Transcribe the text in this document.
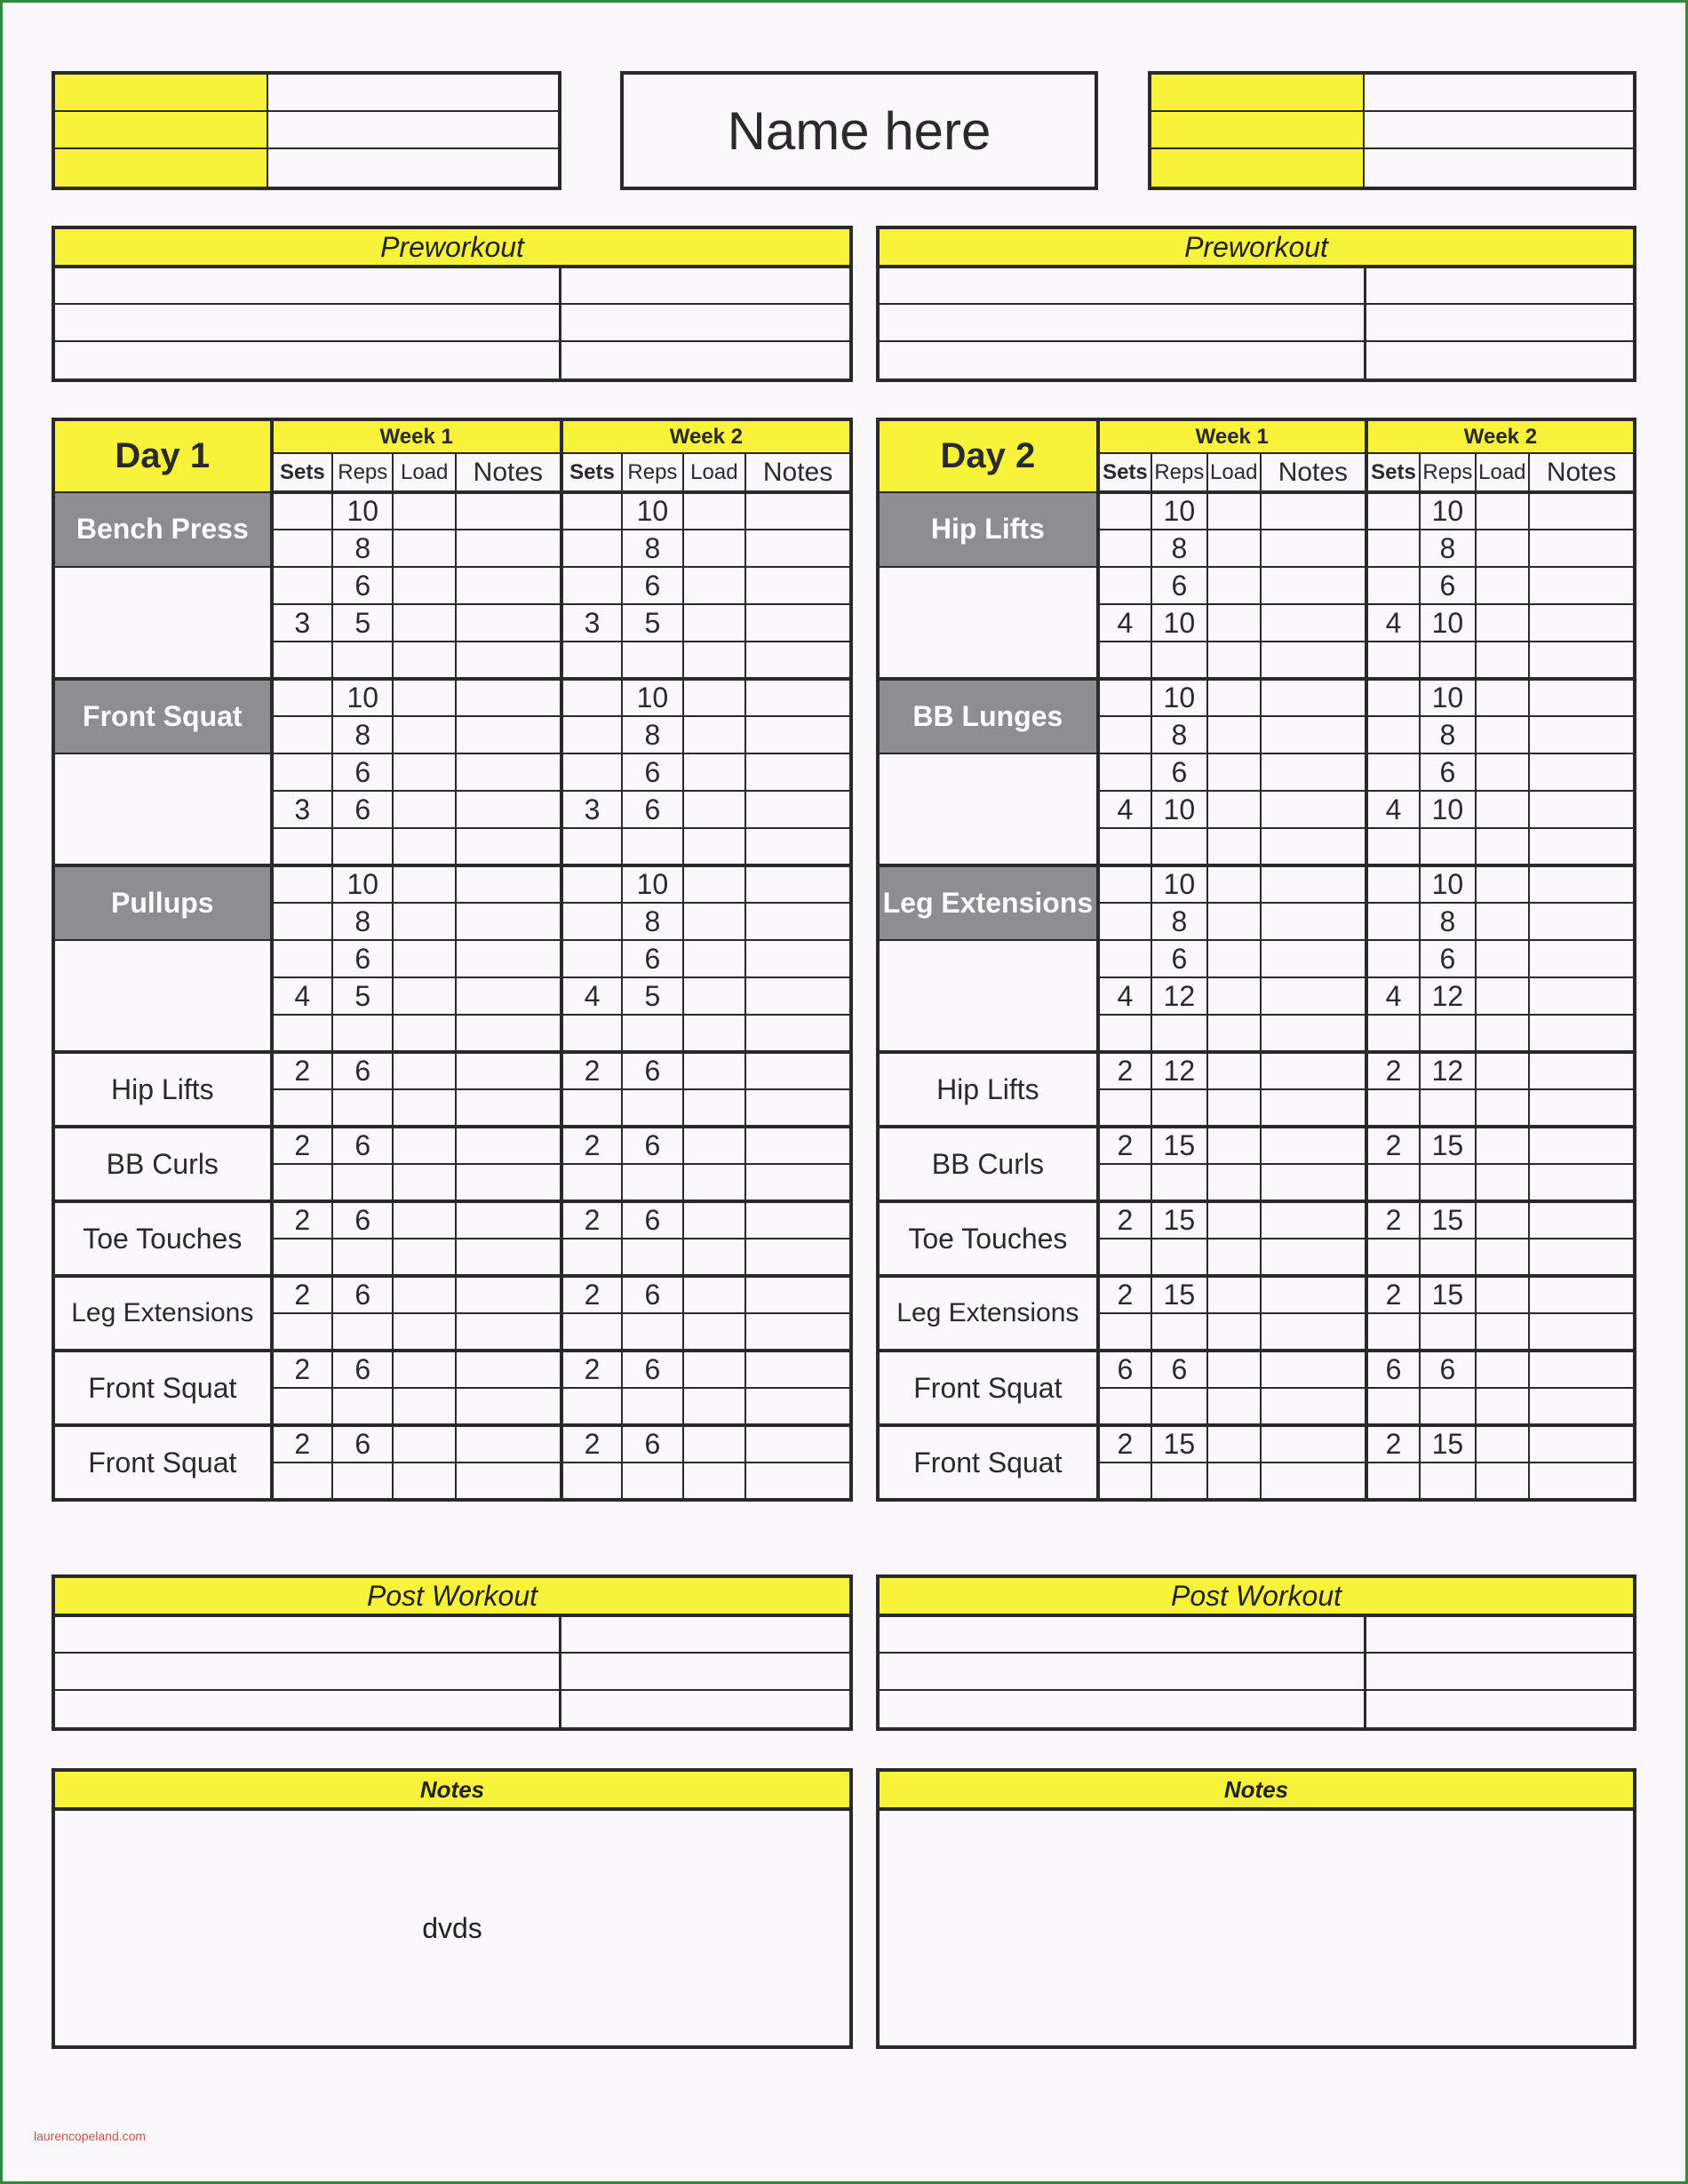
Name here
Preworkout	Preworkout
Day 1	Week 1				Week 2			
	Sets	Reps	Load	Notes	Sets	Reps	Load	Notes
Bench Press		10				10		
		8				8		
		6				6		
	3	5			3	5		

Front Squat		10				10		
		8				8		
		6				6		
	3	6			3	6		

Pullups		10				10		
		8				8		
		6				6		
	4	5			4	5		

Hip Lifts	2	6			2	6		

BB Curls	2	6			2	6		

Toe Touches	2	6			2	6		

Leg Extensions	2	6			2	6		

Front Squat	2	6			2	6		

Front Squat	2	6			2	6		

Day 2	Week 1				Week 2			
	Sets	Reps	Load	Notes	Sets	Reps	Load	Notes
Hip Lifts		10				10		
		8				8		
		6				6		
	4	10			4	10		

BB Lunges		10				10		
		8				8		
		6				6		
	4	10			4	10		

Leg Extensions		10				10		
		8				8		
		6				6		
	4	12			4	12		

Hip Lifts	2	12			2	12		

BB Curls	2	15			2	15		

Toe Touches	2	15			2	15		

Leg Extensions	2	15			2	15		

Front Squat	6	6			6	6		

Front Squat	2	15			2	15		

Post Workout	Post Workout
Notes
dvds
Notes
laurencopeland.com
